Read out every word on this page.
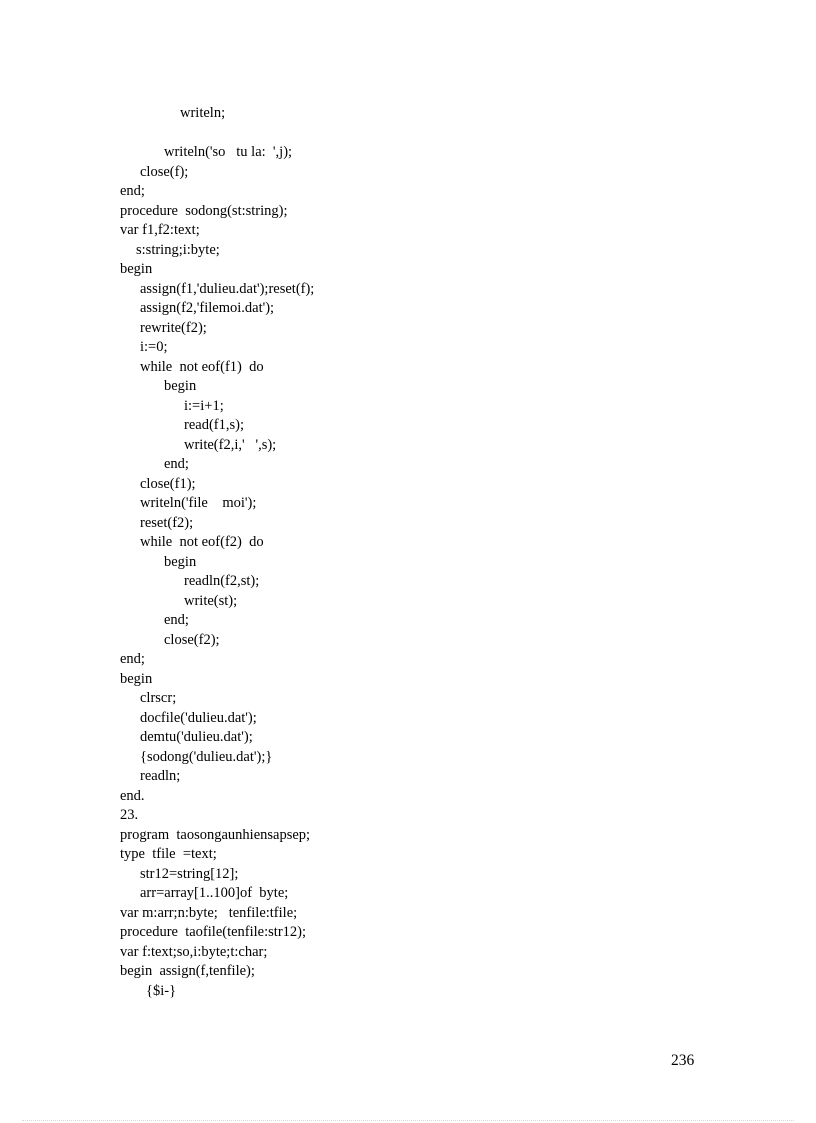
writeln;
writeln('so   tu la:  ',j);
close(f);
end;
procedure  sodong(st:string);
var f1,f2:text;
s:string;i:byte;
begin
assign(f1,'dulieu.dat');reset(f);
assign(f2,'filemoi.dat');
rewrite(f2);
i:=0;
while  not eof(f1)  do
begin
i:=i+1;
read(f1,s);
write(f2,i,'   ',s);
end;
close(f1);
writeln('file    moi');
reset(f2);
while  not eof(f2)  do
begin
readln(f2,st);
write(st);
end;
close(f2);
end;
begin
clrscr;
docfile('dulieu.dat');
demtu('dulieu.dat');
{sodong('dulieu.dat');}
readln;
end.
23.
program  taosongaunhiensapsep;
type  tfile  =text;
str12=string[12];
arr=array[1..100]of  byte;
var m:arr;n:byte;   tenfile:tfile;
procedure  taofile(tenfile:str12);
var f:text;so,i:byte;t:char;
begin  assign(f,tenfile);
{$i-}
236
